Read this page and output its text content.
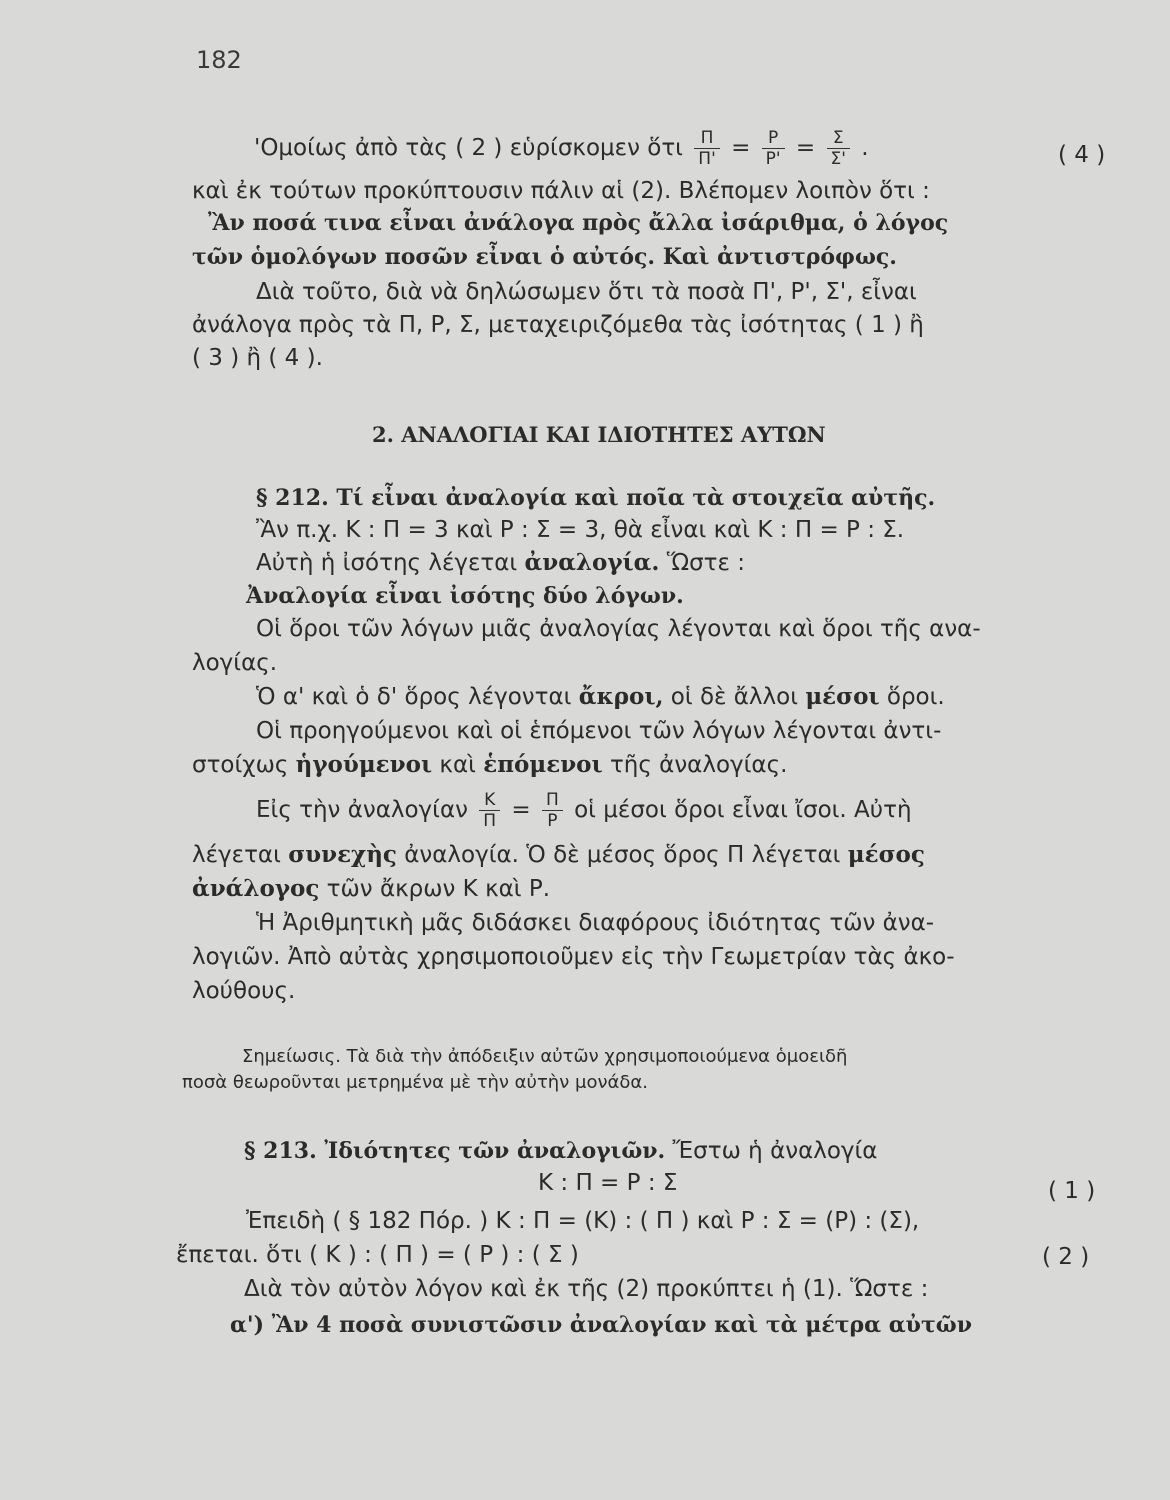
182
'Ομοίως ἀπὸ τὰς ( 2 ) εὑρίσκομεν ὅτι $\frac{\Pi}{\Pi'} = \frac{P}{P'} = \frac{\Sigma}{\Sigma'}$ .	( 4 )
καὶ ἐκ τούτων προκύπτουσιν πάλιν αἱ (2). Βλέπομεν λοιπὸν ὅτι :
Ἂν ποσά τινα εἶναι ἀνάλογα πρὸς ἄλλα ἰσάριθμα, ὁ λόγος
τῶν ὁμολόγων ποσῶν εἶναι ὁ αὐτός. Καὶ ἀντιστρόφως.
Διὰ τοῦτο, διὰ νὰ δηλώσωμεν ὅτι τὰ ποσὰ Π', Ρ', Σ', εἶναι
ἀνάλογα πρὸς τὰ Π, Ρ, Σ, μεταχειριζόμεθα τὰς ἰσότητας ( 1 ) ἢ
( 3 ) ἢ ( 4 ).
2. ΑΝΑΛΟΓΙΑΙ ΚΑΙ ΙΔΙΟΤΗΤΕΣ ΑΥΤΩΝ
§ 212. Τί εἶναι ἀναλογία καὶ ποῖα τὰ στοιχεῖα αὐτῆς.
Ἂν π.χ. Κ : Π = 3 καὶ Ρ : Σ = 3, θὰ εἶναι καὶ Κ : Π = Ρ : Σ.
Αὐτὴ ἡ ἰσότης λέγεται ἀναλογία. Ὥστε :
Ἀναλογία εἶναι ἰσότης δύο λόγων.
Οἱ ὅροι τῶν λόγων μιᾶς ἀναλογίας λέγονται καὶ ὅροι τῆς ανα-
λογίας.
Ὁ α' καὶ ὁ δ' ὅρος λέγονται ἄκροι, οἱ δὲ ἄλλοι μέσοι ὅροι.
Οἱ προηγούμενοι καὶ οἱ ἑπόμενοι τῶν λόγων λέγονται ἀντι-
στοίχως ἡγούμενοι καὶ ἑπόμενοι τῆς ἀναλογίας.
Εἰς τὴν ἀναλογίαν $\frac{K}{\Pi} = \frac{\Pi}{P}$ οἱ μέσοι ὅροι εἶναι ἴσοι. Αὐτὴ
λέγεται συνεχὴς ἀναλογία. Ὁ δὲ μέσος ὅρος Π λέγεται μέσος
ἀνάλογος τῶν ἄκρων Κ καὶ Ρ.
Ἡ Ἀριθμητικὴ μᾶς διδάσκει διαφόρους ἰδιότητας τῶν ἀνα-
λογιῶν. Ἀπὸ αὐτὰς χρησιμοποιοῦμεν εἰς τὴν Γεωμετρίαν τὰς ἀκο-
λούθους.
Σημείωσις. Τὰ διὰ τὴν ἀπόδειξιν αὐτῶν χρησιμοποιούμενα ὁμοειδῆ
ποσὰ θεωροῦνται μετρημένα μὲ τὴν αὐτὴν μονάδα.
§ 213. Ἰδιότητες τῶν ἀναλογιῶν. Ἔστω ἡ ἀναλογία
Κ : Π = Ρ : Σ	( 1 )
Ἐπειδὴ ( § 182 Πόρ. ) Κ : Π = (Κ) : ( Π ) καὶ Ρ : Σ = (Ρ) : (Σ),
ἔπεται. ὅτι ( Κ ) : ( Π ) = ( Ρ ) : ( Σ )	( 2 )
Διὰ τὸν αὐτὸν λόγον καὶ ἐκ τῆς (2) προκύπτει ἡ (1). Ὥστε :
α') Ἂν 4 ποσὰ συνιστῶσιν ἀναλογίαν καὶ τὰ μέτρα αὐτῶν
